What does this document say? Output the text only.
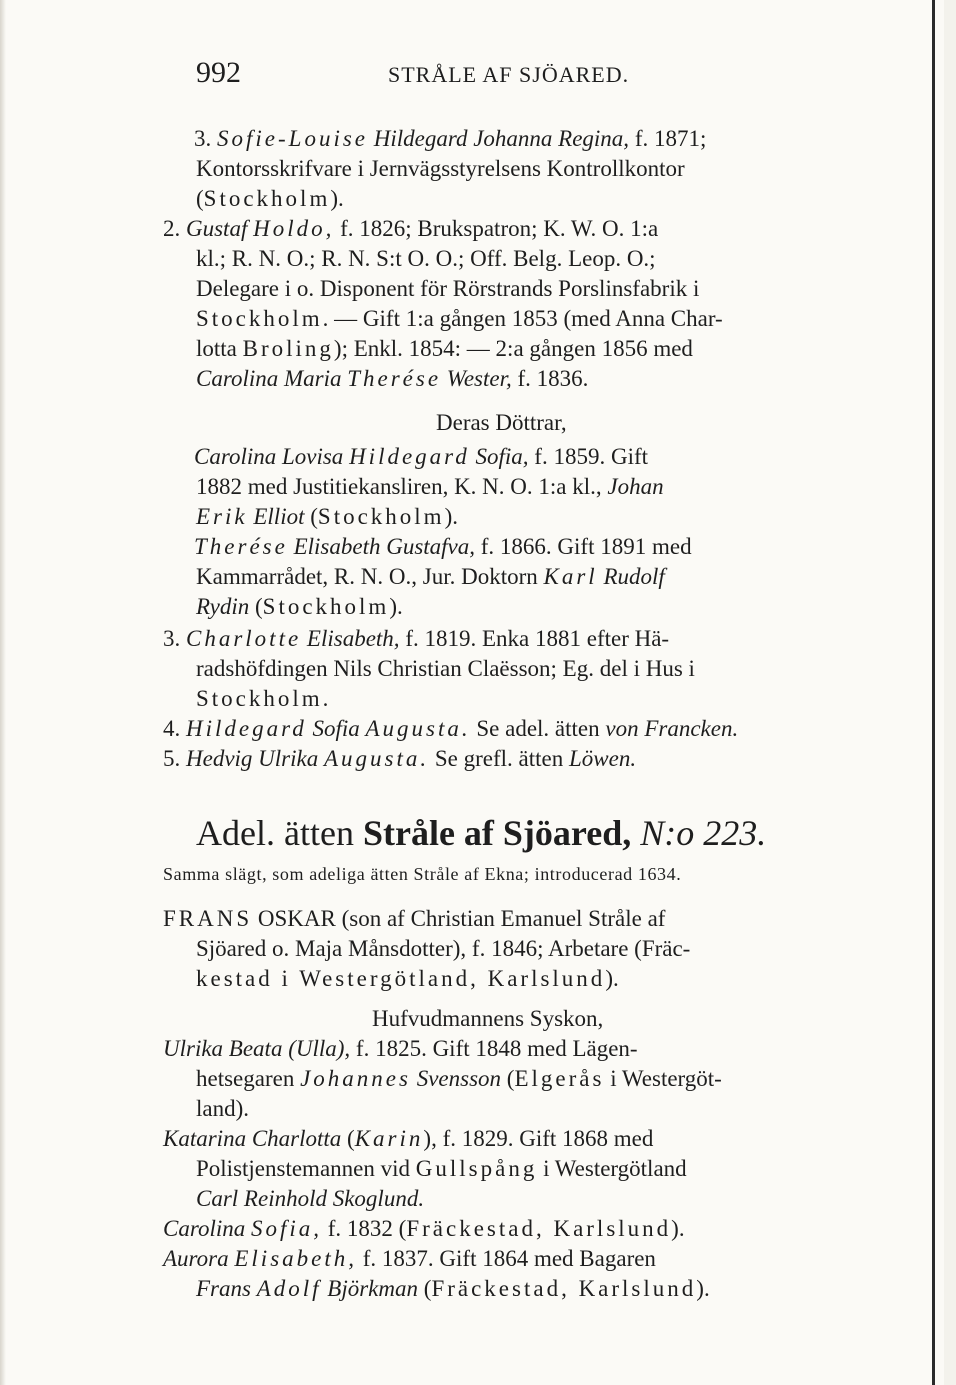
992	STRÅLE AF SJÖARED.
3. Sofie-Louise Hildegard Johanna Regina, f. 1871;
Kontorsskrifvare i Jernvägsstyrelsens Kontrollkontor
(Stockholm).
2. Gustaf Holdo, f. 1826; Brukspatron; K. W. O. 1:a
kl.; R. N. O.; R. N. S:t O. O.; Off. Belg. Leop. O.;
Delegare i o. Disponent för Rörstrands Porslinsfabrik i
Stockholm. — Gift 1:a gången 1853 (med Anna Char-
lotta Broling); Enkl. 1854: — 2:a gången 1856 med
Carolina Maria Therése Wester, f. 1836.
Deras Döttrar,
Carolina Lovisa Hildegard Sofia, f. 1859. Gift
1882 med Justitiekansliren, K. N. O. 1:a kl., Johan
Erik Elliot (Stockholm).
Therése Elisabeth Gustafva, f. 1866. Gift 1891 med
Kammarrådet, R. N. O., Jur. Doktorn Karl Rudolf
Rydin (Stockholm).
3. Charlotte Elisabeth, f. 1819. Enka 1881 efter Hä-
radshöfdingen Nils Christian Claësson; Eg. del i Hus i
Stockholm.
4. Hildegard Sofia Augusta. Se adel. ätten von Francken.
5. Hedvig Ulrika Augusta. Se grefl. ätten Löwen.
Adel. ätten Stråle af Sjöared, N:o 223.
Samma slägt, som adeliga ätten Stråle af Ekna; introducerad 1634.
FRANS OSKAR (son af Christian Emanuel Stråle af
Sjöared o. Maja Månsdotter), f. 1846; Arbetare (Fräc-
kestad i Westergötland, Karlslund).
Hufvudmannens Syskon,
Ulrika Beata (Ulla), f. 1825. Gift 1848 med Lägen-
hetsegaren Johannes Svensson (Elgerås i Westergöt-
land).
Katarina Charlotta (Karin), f. 1829. Gift 1868 med
Polistjenstemannen vid Gullspång i Westergötland
Carl Reinhold Skoglund.
Carolina Sofia, f. 1832 (Fräckestad, Karlslund).
Aurora Elisabeth, f. 1837. Gift 1864 med Bagaren
Frans Adolf Björkman (Fräckestad, Karlslund).
